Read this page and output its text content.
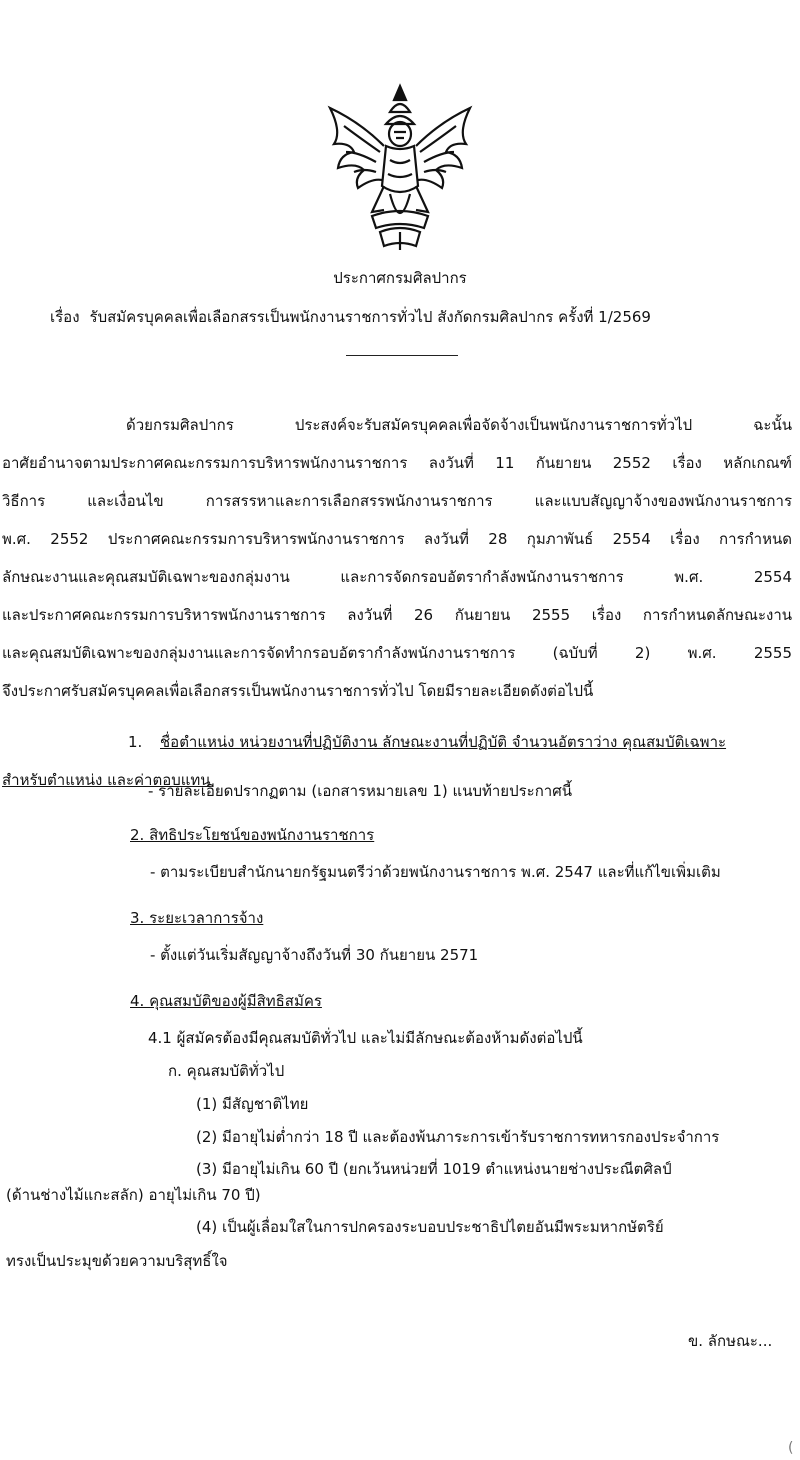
ประกาศกรมศิลปากร
เรื่อง รับสมัครบุคคลเพื่อเลือกสรรเป็นพนักงานราชการทั่วไป สังกัดกรมศิลปากร ครั้งที่ 1/2569
ด้วยกรมศิลปากร ประสงค์จะรับสมัครบุคคลเพื่อจัดจ้างเป็นพนักงานราชการทั่วไป ฉะนั้น
อาศัยอำนาจตามประกาศคณะกรรมการบริหารพนักงานราชการ ลงวันที่ 11 กันยายน 2552 เรื่อง หลักเกณฑ์
วิธีการ และเงื่อนไข การสรรหาและการเลือกสรรพนักงานราชการ และแบบสัญญาจ้างของพนักงานราชการ
พ.ศ. 2552 ประกาศคณะกรรมการบริหารพนักงานราชการ ลงวันที่ 28 กุมภาพันธ์ 2554 เรื่อง การกำหนด
ลักษณะงานและคุณสมบัติเฉพาะของกลุ่มงาน และการจัดกรอบอัตรากำลังพนักงานราชการ พ.ศ. 2554
และประกาศคณะกรรมการบริหารพนักงานราชการ ลงวันที่ 26 กันยายน 2555 เรื่อง การกำหนดลักษณะงาน
และคุณสมบัติเฉพาะของกลุ่มงานและการจัดทำกรอบอัตรากำลังพนักงานราชการ (ฉบับที่ 2) พ.ศ. 2555
จึงประกาศรับสมัครบุคคลเพื่อเลือกสรรเป็นพนักงานราชการทั่วไป โดยมีรายละเอียดดังต่อไปนี้
1. ชื่อตำแหน่ง หน่วยงานที่ปฏิบัติงาน ลักษณะงานที่ปฏิบัติ จำนวนอัตราว่าง คุณสมบัติเฉพาะ
สำหรับตำแหน่ง และค่าตอบแทน
- รายละเอียดปรากฏตาม (เอกสารหมายเลข 1) แนบท้ายประกาศนี้
2. สิทธิประโยชน์ของพนักงานราชการ
- ตามระเบียบสำนักนายกรัฐมนตรีว่าด้วยพนักงานราชการ พ.ศ. 2547 และที่แก้ไขเพิ่มเติม
3. ระยะเวลาการจ้าง
- ตั้งแต่วันเริ่มสัญญาจ้างถึงวันที่ 30 กันยายน 2571
4. คุณสมบัติของผู้มีสิทธิสมัคร
4.1 ผู้สมัครต้องมีคุณสมบัติทั่วไป และไม่มีลักษณะต้องห้ามดังต่อไปนี้
ก. คุณสมบัติทั่วไป
(1) มีสัญชาติไทย
(2) มีอายุไม่ต่ำกว่า 18 ปี และต้องพ้นภาระการเข้ารับราชการทหารกองประจำการ
(3) มีอายุไม่เกิน 60 ปี (ยกเว้นหน่วยที่ 1019 ตำแหน่งนายช่างประณีตศิลป์
(ด้านช่างไม้แกะสลัก) อายุไม่เกิน 70 ปี)
(4) เป็นผู้เลื่อมใสในการปกครองระบอบประชาธิปไตยอันมีพระมหากษัตริย์
ทรงเป็นประมุขด้วยความบริสุทธิ์ใจ
ข. ลักษณะ...
(
